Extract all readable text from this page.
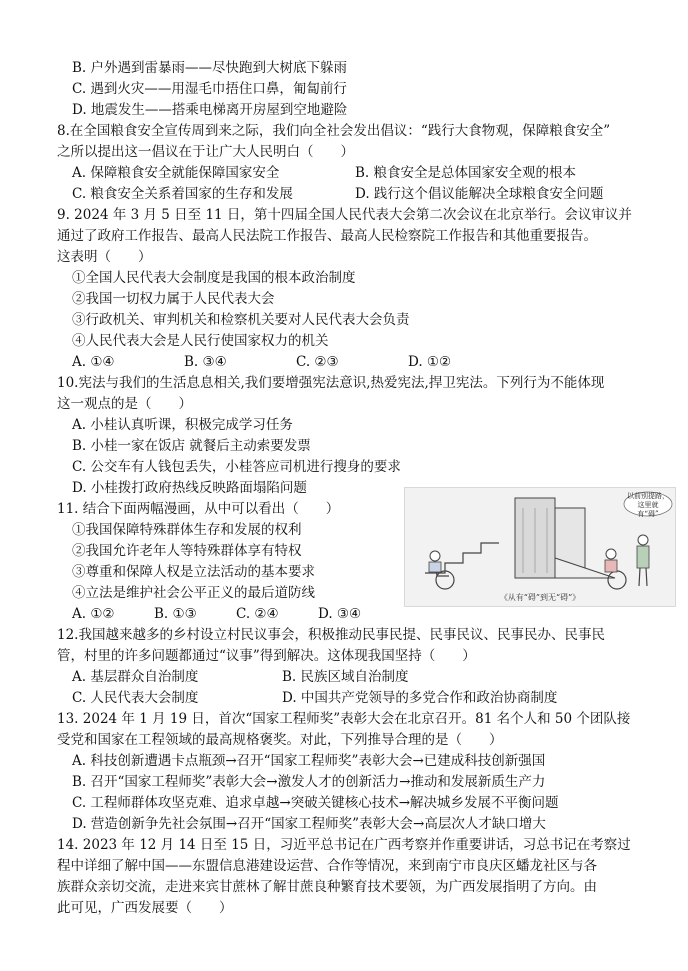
B. 户外遇到雷暴雨——尽快跑到大树底下躲雨
C. 遇到火灾——用湿毛巾捂住口鼻，匍匐前行
D. 地震发生——搭乘电梯离开房屋到空地避险
8.在全国粮食安全宣传周到来之际，我们向全社会发出倡议：“践行大食物观，保障粮食安全”
之所以提出这一倡议在于让广大人民明白（　　）
A. 保障粮食安全就能保障国家安全	B. 粮食安全是总体国家安全观的根本
C. 粮食安全关系着国家的生存和发展	D. 践行这个倡议能解决全球粮食安全问题
9. 2024 年 3 月 5 日至 11 日，第十四届全国人民代表大会第二次会议在北京举行。会议审议并
通过了政府工作报告、最高人民法院工作报告、最高人民检察院工作报告和其他重要报告。
这表明（　　）
①全国人民代表大会制度是我国的根本政治制度
②我国一切权力属于人民代表大会
③行政机关、审判机关和检察机关要对人民代表大会负责
④人民代表大会是人民行使国家权力的机关
A. ①④	B. ③④	C. ②③	D. ①②
10.宪法与我们的生活息息相关,我们要增强宪法意识,热爱宪法,捍卫宪法。下列行为不能体现
这一观点的是（　　）
A. 小桂认真听课，积极完成学习任务
B. 小桂一家在饭店 就餐后主动索要发票
C. 公交车有人钱包丢失，小桂答应司机进行搜身的要求
D. 小桂拨打政府热线反映路面塌陷问题
11. 结合下面两幅漫画，从中可以看出（　　）
①我国保障特殊群体生存和发展的权利
②我国允许老年人等特殊群体享有特权
③尊重和保障人权是立法活动的基本要求
④立法是维护社会公平正义的最后道防线
A. ①②	B. ①③	C. ②④	D. ③④
以前别提路，这里就有“碍”
《从有“碍”到无“碍”》
12.我国越来越多的乡村设立村民议事会，积极推动民事民提、民事民议、民事民办、民事民
管，村里的许多问题都通过“议事”得到解决。这体现我国坚持（　　）
A. 基层群众自治制度	B. 民族区域自治制度
C. 人民代表大会制度	D. 中国共产党领导的多党合作和政治协商制度
13. 2024 年 1 月 19 日，首次“国家工程师奖”表彰大会在北京召开。81 名个人和 50 个团队接
受党和国家在工程领域的最高规格褒奖。对此，下列推导合理的是（　　）
A. 科技创新遭遇卡点瓶颈→召开“国家工程师奖”表彰大会→已建成科技创新强国
B. 召开“国家工程师奖”表彰大会→激发人才的创新活力→推动和发展新质生产力
C. 工程师群体攻坚克难、追求卓越→突破关键核心技术→解决城乡发展不平衡问题
D. 营造创新争先社会氛围→召开“国家工程师奖”表彰大会→高层次人才缺口增大
14. 2023 年 12 月 14 日至 15 日，习近平总书记在广西考察并作重要讲话，习总书记在考察过
程中详细了解中国——东盟信息港建设运营、合作等情况，来到南宁市良庆区蟠龙社区与各
族群众亲切交流，走进来宾甘蔗林了解甘蔗良种繁育技术要领，为广西发展指明了方向。由
此可见，广西发展要（　　）
